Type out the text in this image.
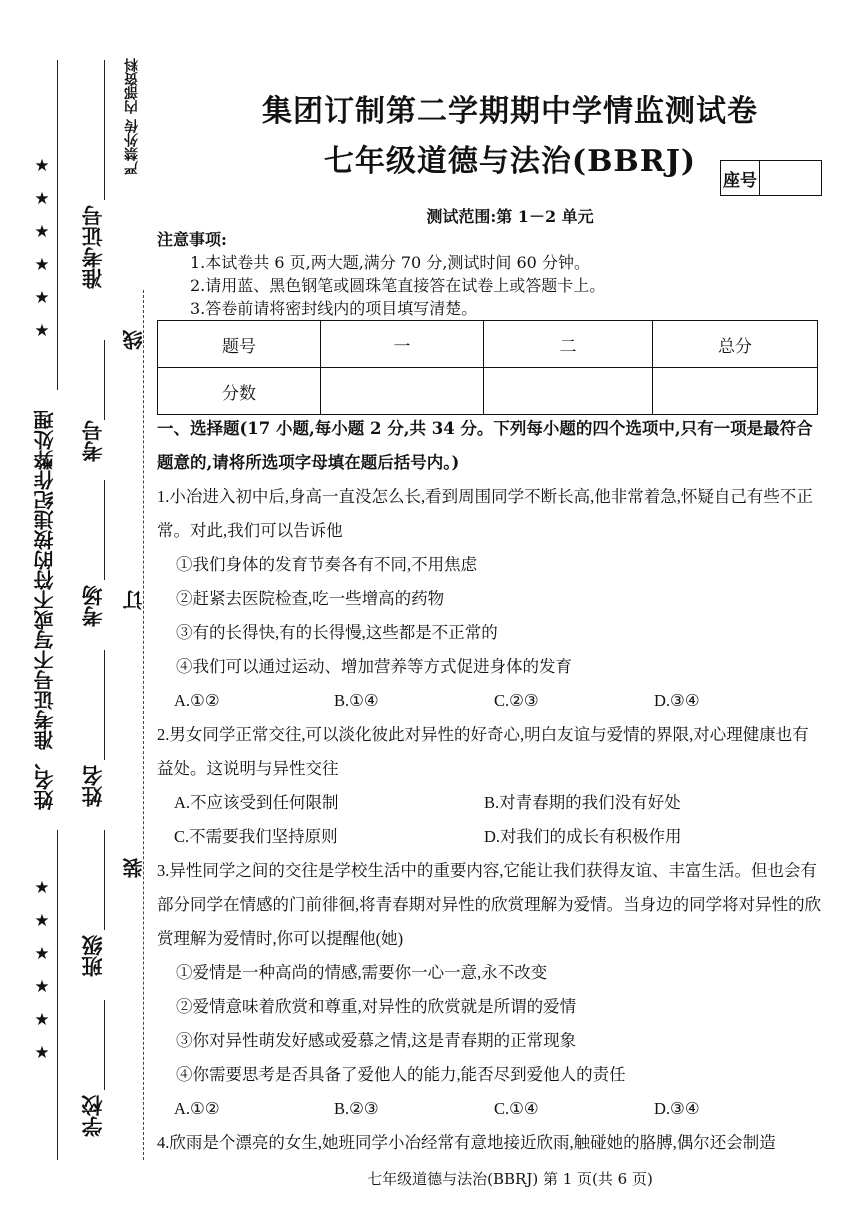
★
★
★
★
★
★
姓名、准考证号不写或不符的按违纪作弊处理
★
★
★
★
★
★
准考证号
考号
考场
姓名
班级
学校
严禁外传 内部资料
线
订
装
集团订制第二学期期中学情监测试卷
七年级道德与法治(BBRJ)
座号
测试范围:第 1－2 单元
注意事项:
1.本试卷共 6 页,两大题,满分 70 分,测试时间 60 分钟。
2.请用蓝、黑色钢笔或圆珠笔直接答在试卷上或答题卡上。
3.答卷前请将密封线内的项目填写清楚。
题号	一	二	总分
分数			
一、选择题(17 小题,每小题 2 分,共 34 分。下列每小题的四个选项中,只有一项是最符合题意的,请将所选项字母填在题后括号内。)
1.小冶进入初中后,身高一直没怎么长,看到周围同学不断长高,他非常着急,怀疑自己有些不正常。对此,我们可以告诉他
①我们身体的发育节奏各有不同,不用焦虑
②赶紧去医院检查,吃一些增高的药物
③有的长得快,有的长得慢,这些都是不正常的
④我们可以通过运动、增加营养等方式促进身体的发育
A.①②	B.①④	C.②③	D.③④
2.男女同学正常交往,可以淡化彼此对异性的好奇心,明白友谊与爱情的界限,对心理健康也有益处。这说明与异性交往
A.不应该受到任何限制	B.对青春期的我们没有好处
C.不需要我们坚持原则	D.对我们的成长有积极作用
3.异性同学之间的交往是学校生活中的重要内容,它能让我们获得友谊、丰富生活。但也会有部分同学在情感的门前徘徊,将青春期对异性的欣赏理解为爱情。当身边的同学将对异性的欣赏理解为爱情时,你可以提醒他(她)
①爱情是一种高尚的情感,需要你一心一意,永不改变
②爱情意味着欣赏和尊重,对异性的欣赏就是所谓的爱情
③你对异性萌发好感或爱慕之情,这是青春期的正常现象
④你需要思考是否具备了爱他人的能力,能否尽到爱他人的责任
A.①②	B.②③	C.①④	D.③④
4.欣雨是个漂亮的女生,她班同学小冶经常有意地接近欣雨,触碰她的胳膊,偶尔还会制造
七年级道德与法治(BBRJ) 第 1 页(共 6 页)
